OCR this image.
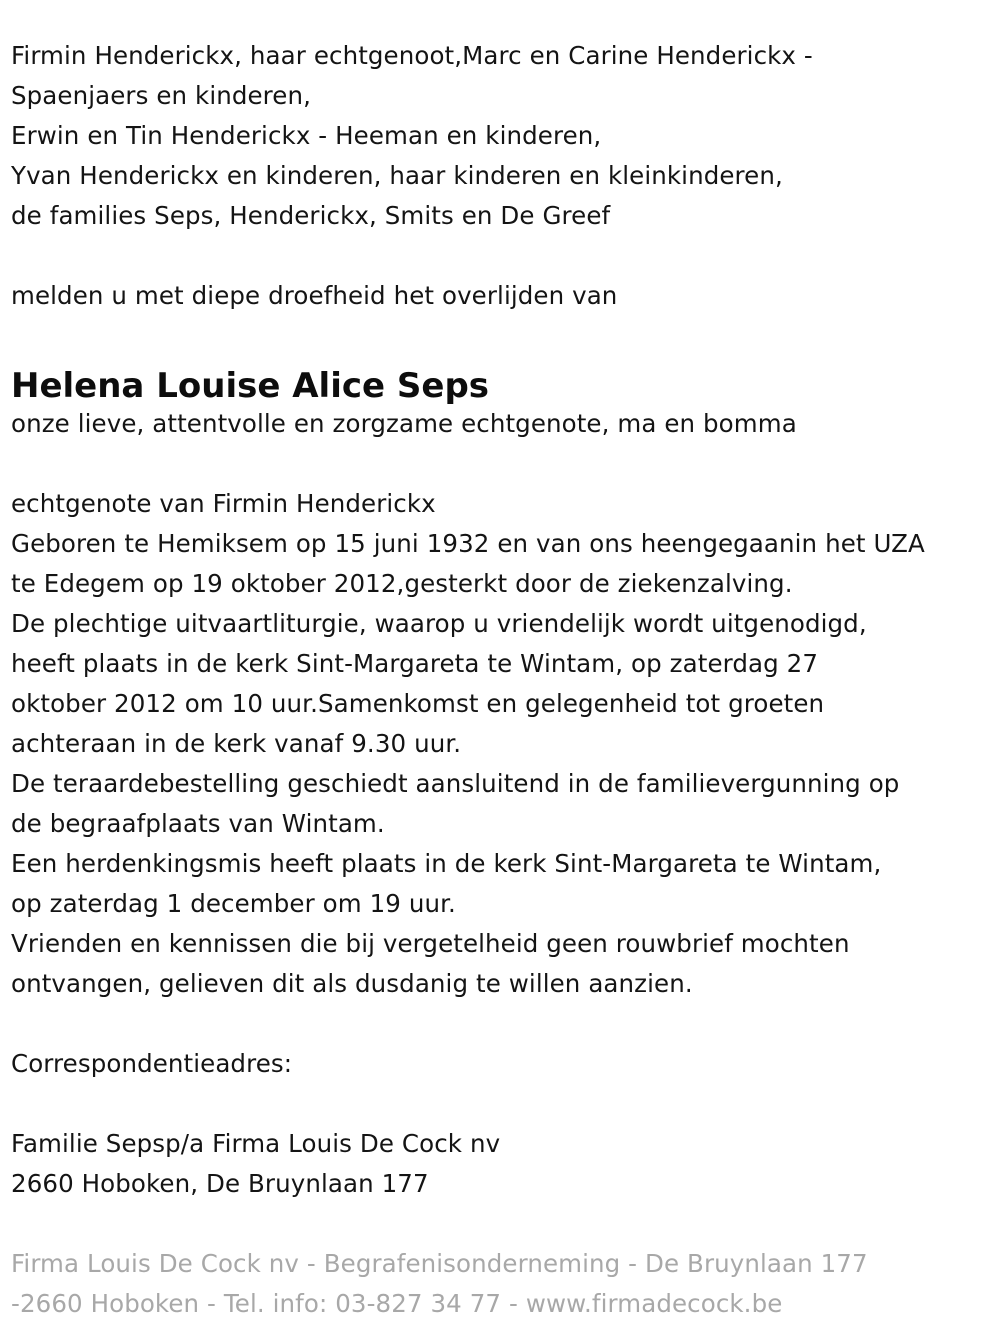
Firmin Henderickx, haar echtgenoot,Marc en Carine Henderickx -
Spaenjaers en kinderen,
Erwin en Tin Henderickx - Heeman en kinderen,
Yvan Henderickx en kinderen, haar kinderen en kleinkinderen,
de families Seps, Henderickx, Smits en De Greef
melden u met diepe droefheid het overlijden van
Helena Louise Alice Seps
onze lieve, attentvolle en zorgzame echtgenote, ma en bomma
echtgenote van Firmin Henderickx
Geboren te Hemiksem op 15 juni 1932 en van ons heengegaanin het UZA
te Edegem op 19 oktober 2012,gesterkt door de ziekenzalving.
De plechtige uitvaartliturgie, waarop u vriendelijk wordt uitgenodigd,
heeft plaats in de kerk Sint-Margareta te Wintam, op zaterdag 27
oktober 2012 om 10 uur.Samenkomst en gelegenheid tot groeten
achteraan in de kerk vanaf 9.30 uur.
De teraardebestelling geschiedt aansluitend in de familievergunning op
de begraafplaats van Wintam.
Een herdenkingsmis heeft plaats in de kerk Sint-Margareta te Wintam,
op zaterdag 1 december om 19 uur.
Vrienden en kennissen die bij vergetelheid geen rouwbrief mochten
ontvangen, gelieven dit als dusdanig te willen aanzien.
Correspondentieadres:
Familie Sepsp/a Firma Louis De Cock nv
2660 Hoboken, De Bruynlaan 177
Firma Louis De Cock nv - Begrafenisonderneming - De Bruynlaan 177
-2660 Hoboken - Tel. info: 03-827 34 77 - www.firmadecock.be
